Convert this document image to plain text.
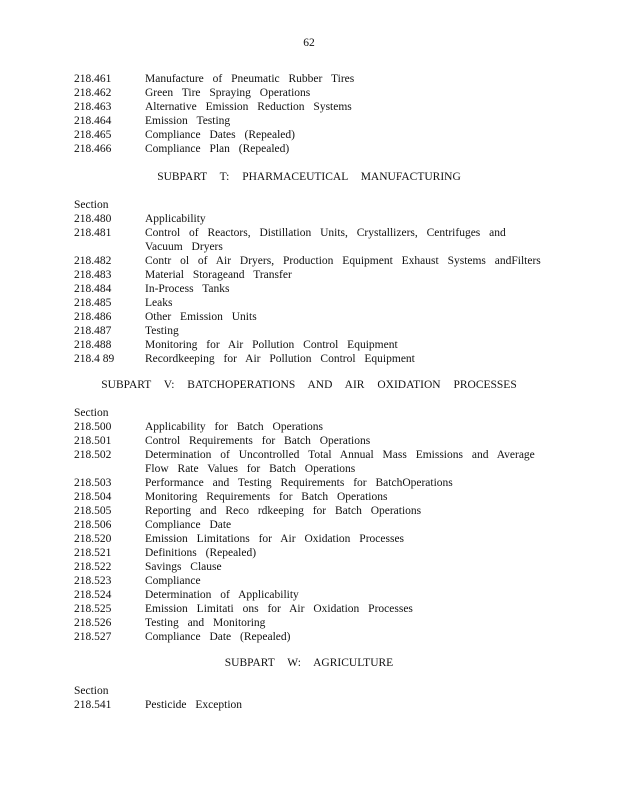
62
218.461	Manufacture of Pneumatic Rubber Tires
218.462	Green Tire Spraying Operations
218.463	Alternative Emission Reduction Systems
218.464	Emission Testing
218.465	Compliance Dates (Repealed)
218.466	Compliance Plan (Repealed)
SUBPART T: PHARMACEUTICAL MANUFACTURING
Section
218.480	Applicability
218.481	Control of Reactors, Distillation Units, Crystallizers, Centrifuges and Vacuum Dryers
218.482	Contr ol of Air Dryers, Production Equipment Exhaust Systems andFilters
218.483	Material Storageand Transfer
218.484	In-Process Tanks
218.485	Leaks
218.486	Other Emission Units
218.487	Testing
218.488	Monitoring for Air Pollution Control Equipment
218.4 89	Recordkeeping for Air Pollution Control Equipment
SUBPART V: BATCHOPERATIONS AND AIR OXIDATION PROCESSES
Section
218.500	Applicability for Batch Operations
218.501	Control Requirements for Batch Operations
218.502	Determination of Uncontrolled Total Annual Mass Emissions and Average Flow Rate Values for Batch Operations
218.503	Performance and Testing Requirements for BatchOperations
218.504	Monitoring Requirements for Batch Operations
218.505	Reporting and Reco rdkeeping for Batch Operations
218.506	Compliance Date
218.520	Emission Limitations for Air Oxidation Processes
218.521	Definitions (Repealed)
218.522	Savings Clause
218.523	Compliance
218.524	Determination of Applicability
218.525	Emission Limitati ons for Air Oxidation Processes
218.526	Testing and Monitoring
218.527	Compliance Date (Repealed)
SUBPART W: AGRICULTURE
Section
218.541	Pesticide Exception
